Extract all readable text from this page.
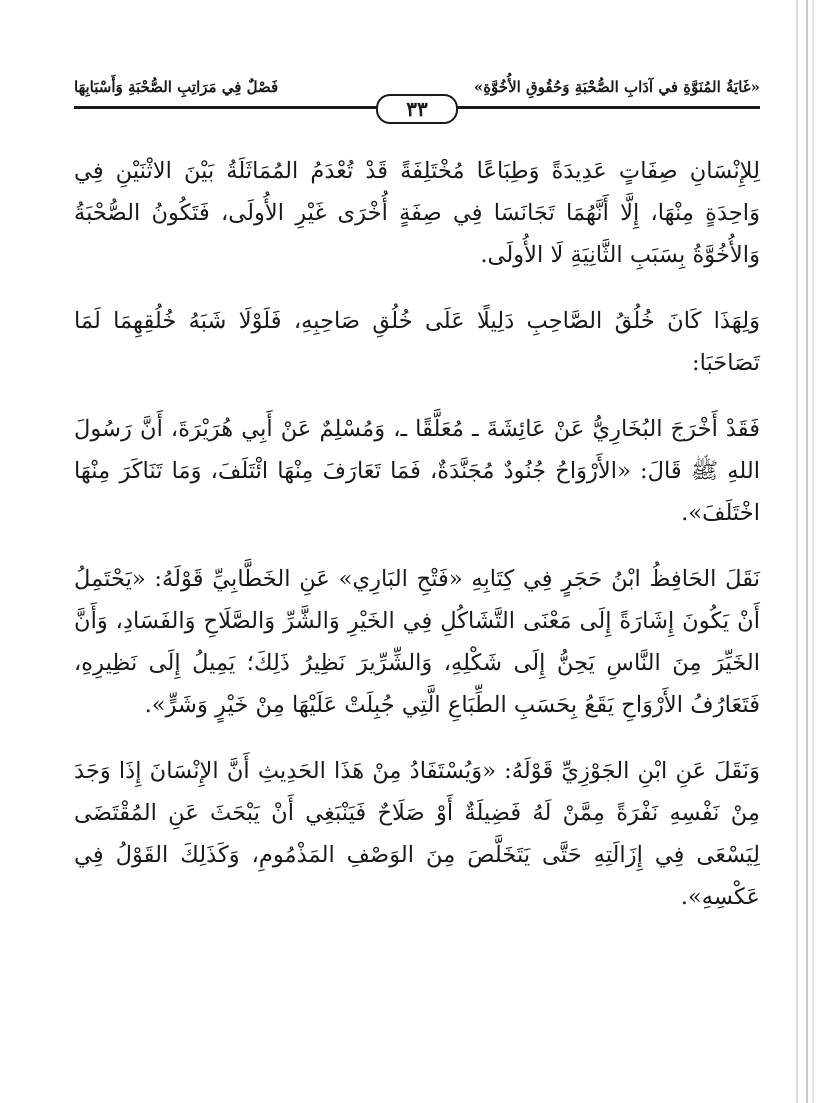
«غَايَةُ المُنَوَّةِ في آدَابِ الصُّحْبَةِ وَحُقُوقِ الأُخُوَّةِ»
فَصْلٌ فِي مَرَاتِبِ الصُّحْبَةِ وَأَسْبَابِهَا
٣٣

لِلإِنْسَانِ صِفَاتٍ عَدِيدَةً وَطِبَاعًا مُخْتَلِفَةً قَدْ تُعْدَمُ المُمَاثَلَةُ بَيْنَ الاثْنَيْنِ فِي وَاحِدَةٍ مِنْهَا، إِلَّا أَنَّهُمَا تَجَانَسَا فِي صِفَةٍ أُخْرَى غَيْرِ الأُولَى، فَتَكُونُ الصُّحْبَةُ وَالأُخُوَّةُ بِسَبَبِ الثَّانِيَةِ لَا الأُولَى.

وَلِهَذَا كَانَ خُلُقُ الصَّاحِبِ دَلِيلًا عَلَى خُلُقِ صَاحِبِهِ، فَلَوْلَا شَبَهُ خُلُقِهِمَا لَمَا تَصَاحَبَا:

فَقَدْ أَخْرَجَ البُخَارِيُّ عَنْ عَائِشَةَ ـ مُعَلَّقًا ـ، وَمُسْلِمٌ عَنْ أَبِي هُرَيْرَةَ، أَنَّ رَسُولَ اللهِ ﷺ قَالَ: «الأَرْوَاحُ جُنُودٌ مُجَنَّدَةٌ، فَمَا تَعَارَفَ مِنْهَا ائْتَلَفَ، وَمَا تَنَاكَرَ مِنْهَا اخْتَلَفَ».

نَقَلَ الحَافِظُ ابْنُ حَجَرٍ فِي كِتَابِهِ «فَتْحِ البَارِي» عَنِ الخَطَّابِيِّ قَوْلَهُ: «يَحْتَمِلُ أَنْ يَكُونَ إِشَارَةً إِلَى مَعْنَى التَّشَاكُلِ فِي الخَيْرِ وَالشَّرِّ وَالصَّلَاحِ وَالفَسَادِ، وَأَنَّ الخَيِّرَ مِنَ النَّاسِ يَحِنُّ إِلَى شَكْلِهِ، وَالشِّرِّيرَ نَظِيرُ ذَلِكَ؛ يَمِيلُ إِلَى نَظِيرِهِ، فَتَعَارُفُ الأَرْوَاحِ يَقَعُ بِحَسَبِ الطِّبَاعِ الَّتِي جُبِلَتْ عَلَيْهَا مِنْ خَيْرٍ وَشَرٍّ».

وَنَقَلَ عَنِ ابْنِ الجَوْزِيِّ قَوْلَهُ: «وَيُسْتَفَادُ مِنْ هَذَا الحَدِيثِ أَنَّ الإِنْسَانَ إِذَا وَجَدَ مِنْ نَفْسِهِ نَفْرَةً مِمَّنْ لَهُ فَضِيلَةٌ أَوْ صَلَاحٌ فَيَنْبَغِي أَنْ يَبْحَثَ عَنِ المُقْتَضَى لِيَسْعَى فِي إِزَالَتِهِ حَتَّى يَتَخَلَّصَ مِنَ الوَصْفِ المَذْمُومِ، وَكَذَلِكَ القَوْلُ فِي عَكْسِهِ».
